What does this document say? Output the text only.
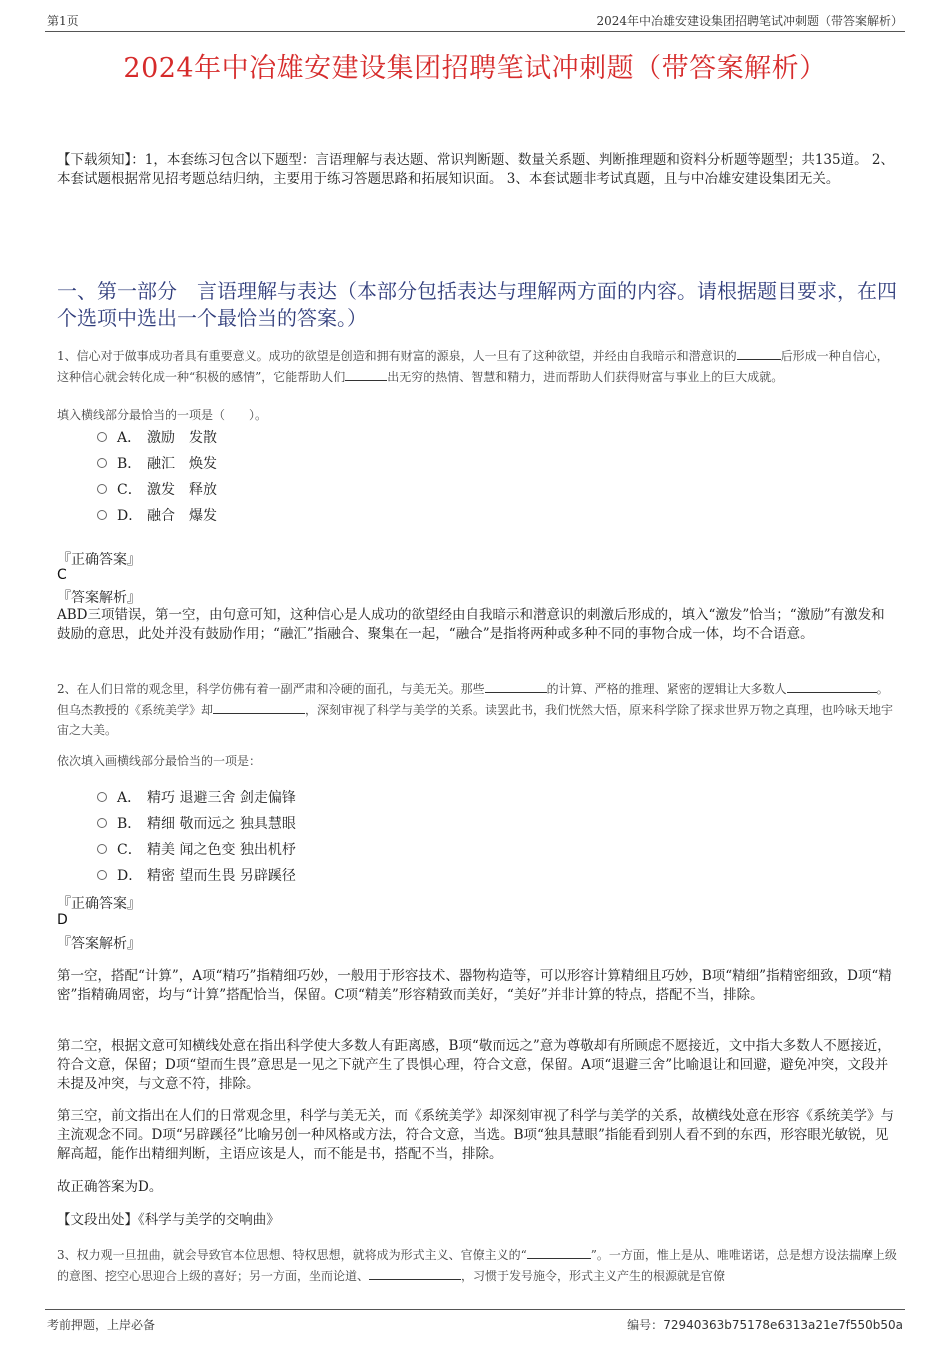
第1页	2024年中冶雄安建设集团招聘笔试冲刺题（带答案解析）
2024年中冶雄安建设集团招聘笔试冲刺题（带答案解析）
【下载须知】：1，本套练习包含以下题型：言语理解与表达题、常识判断题、数量关系题、判断推理题和资料分析题等题型；共135道。 2、本套试题根据常见招考题总结归纳，主要用于练习答题思路和拓展知识面。 3、本套试题非考试真题，且与中冶雄安建设集团无关。
一、第一部分　言语理解与表达（本部分包括表达与理解两方面的内容。请根据题目要求，在四个选项中选出一个最恰当的答案。）
1、信心对于做事成功者具有重要意义。成功的欲望是创造和拥有财富的源泉，人一旦有了这种欲望，并经由自我暗示和潜意识的	后形成一种自信心，这种信心就会转化成一种“积极的感情”，它能帮助人们	出无穷的热情、智慧和精力，进而帮助人们获得财富与事业上的巨大成就。
填入横线部分最恰当的一项是（　　）。
A． 激励　发散
B． 融汇　焕发
C． 激发　释放
D． 融合　爆发
『正确答案』
C
『答案解析』
ABD三项错误，第一空，由句意可知，这种信心是人成功的欲望经由自我暗示和潜意识的刺激后形成的，填入“激发”恰当；“激励”有激发和鼓励的意思，此处并没有鼓励作用；“融汇”指融合、聚集在一起，“融合”是指将两种或多种不同的事物合成一体，均不合语意。
2、在人们日常的观念里，科学仿佛有着一副严肃和冷硬的面孔，与美无关。那些	的计算、严格的推理、紧密的逻辑让大多数人	。但乌杰教授的《系统美学》却	，深刻审视了科学与美学的关系。读罢此书，我们恍然大悟，原来科学除了探求世界万物之真理，也吟咏天地宇宙之大美。
依次填入画横线部分最恰当的一项是：
A． 精巧 退避三舍 剑走偏锋
B． 精细 敬而远之 独具慧眼
C． 精美 闻之色变 独出机杼
D． 精密 望而生畏 另辟蹊径
『正确答案』
D
『答案解析』
第一空，搭配“计算”，A项“精巧”指精细巧妙，一般用于形容技术、器物构造等，可以形容计算精细且巧妙，B项“精细”指精密细致，D项“精密”指精确周密，均与“计算”搭配恰当，保留。C项“精美”形容精致而美好，“美好”并非计算的特点，搭配不当，排除。
第二空，根据文意可知横线处意在指出科学使大多数人有距离感，B项“敬而远之”意为尊敬却有所顾虑不愿接近，文中指大多数人不愿接近，符合文意，保留；D项“望而生畏”意思是一见之下就产生了畏惧心理，符合文意，保留。A项“退避三舍”比喻退让和回避，避免冲突，文段并未提及冲突，与文意不符，排除。
第三空，前文指出在人们的日常观念里，科学与美无关，而《系统美学》却深刻审视了科学与美学的关系，故横线处意在形容《系统美学》与主流观念不同。D项“另辟蹊径”比喻另创一种风格或方法，符合文意，当选。B项“独具慧眼”指能看到别人看不到的东西，形容眼光敏锐，见解高超，能作出精细判断，主语应该是人，而不能是书，搭配不当，排除。
故正确答案为D。
【文段出处】《科学与美学的交响曲》
3、权力观一旦扭曲，就会导致官本位思想、特权思想，就将成为形式主义、官僚主义的“	”。一方面，惟上是从、唯唯诺诺，总是想方设法揣摩上级的意图、挖空心思迎合上级的喜好；另一方面，坐而论道、	，习惯于发号施令，形式主义产生的根源就是官僚
考前押题，上岸必备	编号：72940363b75178e6313a21e7f550b50a
